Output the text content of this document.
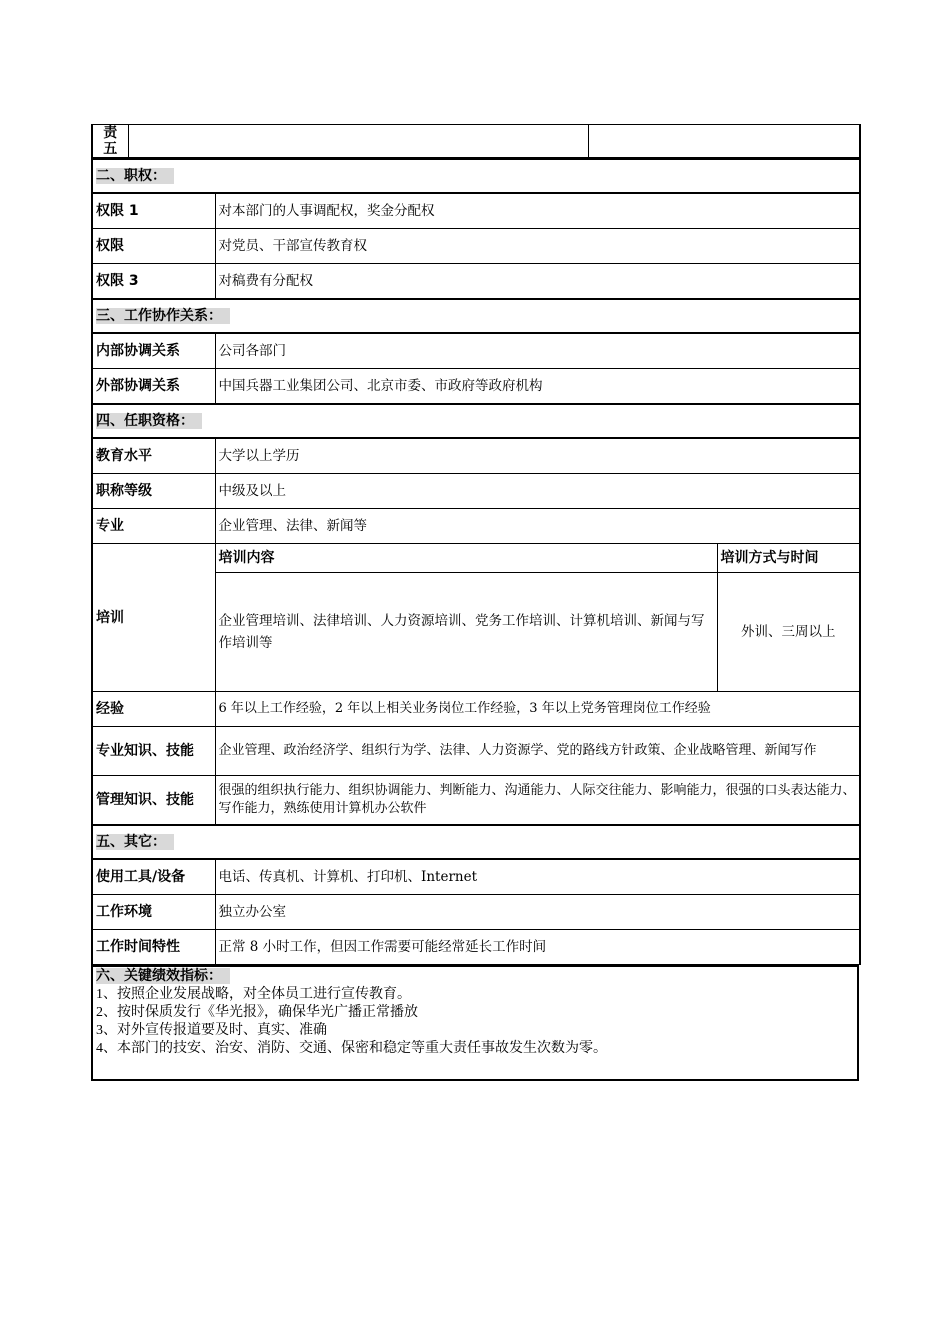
责
五

二、职权：		
权限 1	对本部门的人事调配权，奖金分配权	
权限	对党员、干部宣传教育权	
权限 3	对稿费有分配权	
三、工作协作关系：		
内部协调关系	公司各部门	
外部协调关系	中国兵器工业集团公司、北京市委、市政府等政府机构	
四、任职资格：		
教育水平	大学以上学历	
职称等级	中级及以上	
专业	企业管理、法律、新闻等	
培训	培训内容	培训方式与时间
	企业管理培训、法律培训、人力资源培训、党务工作培训、计算机培训、新闻与写作培训等	外训、三周以上
经验	6 年以上工作经验，2 年以上相关业务岗位工作经验，3 年以上党务管理岗位工作经验	
专业知识、技能	企业管理、政治经济学、组织行为学、法律、人力资源学、党的路线方针政策、企业战略管理、新闻写作	
管理知识、技能	很强的组织执行能力、组织协调能力、判断能力、沟通能力、人际交往能力、影响能力，很强的口头表达能力、写作能力，熟练使用计算机办公软件	
五、其它：		
使用工具/设备	电话、传真机、计算机、打印机、Internet	
工作环境	独立办公室	
工作时间特性	正常 8 小时工作，但因工作需要可能经常延长工作时间	
六、关键绩效指标：
1、按照企业发展战略，对全体员工进行宣传教育。
2、按时保质发行《华光报》，确保华光广播正常播放
3、对外宣传报道要及时、真实、准确
4、本部门的技安、治安、消防、交通、保密和稳定等重大责任事故发生次数为零。
